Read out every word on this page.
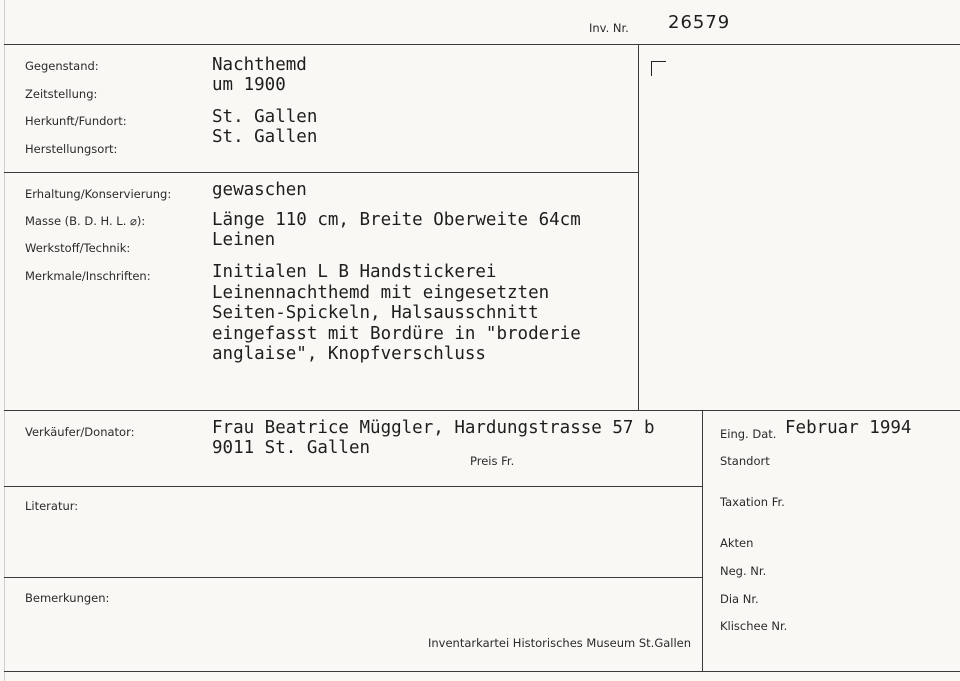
Inv. Nr. 26579
Gegenstand:
Zeitstellung:
Herkunft/Fundort:
Herstellungsort:
Nachthemd
um 1900
St. Gallen
St. Gallen
Erhaltung/Konservierung:
Masse (B. D. H. L. ⌀):
Werkstoff/Technik:
Merkmale/Inschriften:
gewaschen
Länge 110 cm, Breite Oberweite 64cm
Leinen
Initialen L B Handstickerei
Leinennachthemd mit eingesetzten
Seiten-Spickeln, Halsausschnitt
eingefasst mit Bordüre in "broderie
anglaise", Knopfverschluss
Verkäufer/Donator:	Frau Beatrice Müggler, Hardungstrasse 57 b
9011 St. Gallen
Preis Fr.
Eing. Dat. Februar 1994
Standort
Taxation Fr.
Akten
Neg. Nr.
Dia Nr.
Klischee Nr.
Literatur:
Bemerkungen:
Inventarkartei Historisches Museum St.Gallen
